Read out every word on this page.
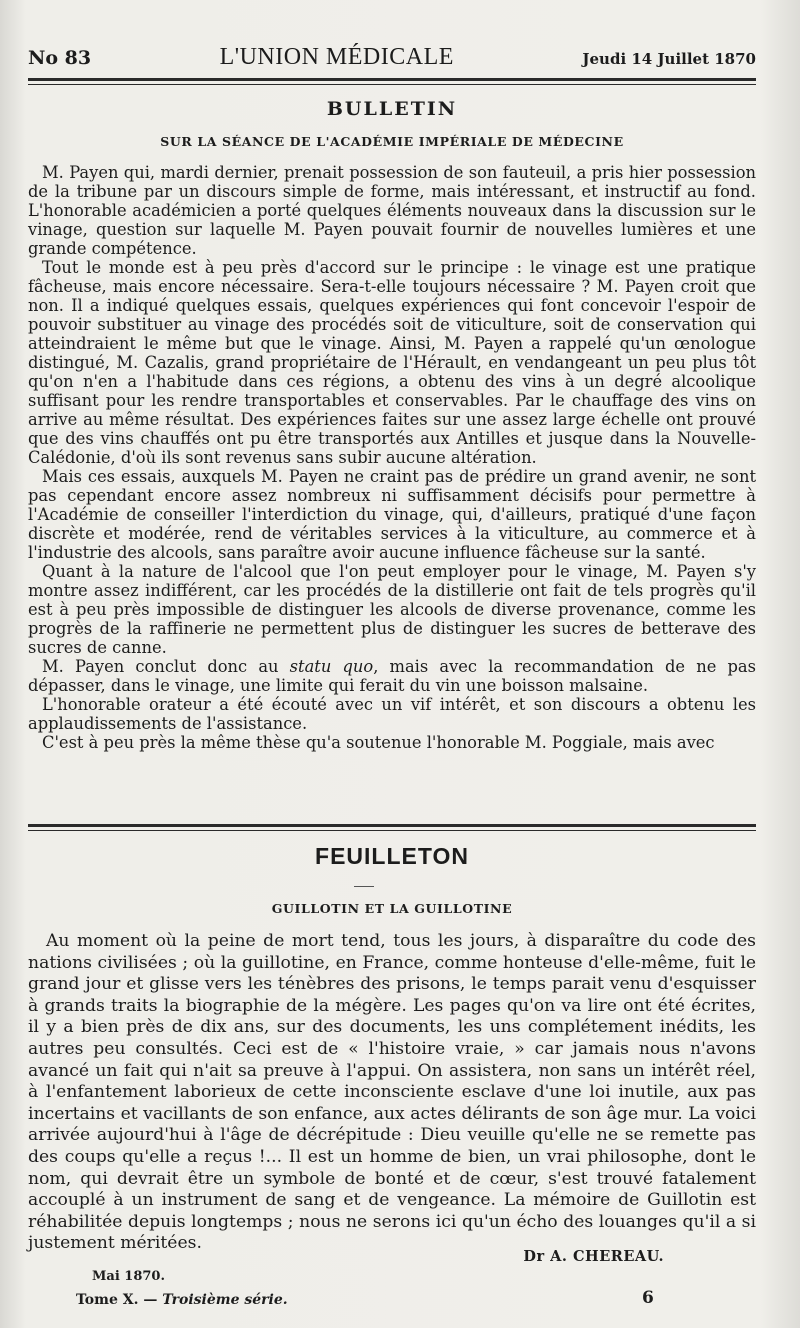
No 83	L'UNION MÉDICALE	Jeudi 14 Juillet 1870
BULLETIN
SUR LA SÉANCE DE L'ACADÉMIE IMPÉRIALE DE MÉDECINE

M. Payen qui, mardi dernier, prenait possession de son fauteuil, a pris hier possession de la tribune par un discours simple de forme, mais intéressant, et instructif au fond. L'honorable académicien a porté quelques éléments nouveaux dans la discussion sur le vinage, question sur laquelle M. Payen pouvait fournir de nouvelles lumières et une grande compétence.

Tout le monde est à peu près d'accord sur le principe : le vinage est une pratique fâcheuse, mais encore nécessaire. Sera-t-elle toujours nécessaire ? M. Payen croit que non. Il a indiqué quelques essais, quelques expériences qui font concevoir l'espoir de pouvoir substituer au vinage des procédés soit de viticulture, soit de conservation qui atteindraient le même but que le vinage. Ainsi, M. Payen a rappelé qu'un œnologue distingué, M. Cazalis, grand propriétaire de l'Hérault, en vendangeant un peu plus tôt qu'on n'en a l'habitude dans ces régions, a obtenu des vins à un degré alcoolique suffisant pour les rendre transportables et conservables. Par le chauffage des vins on arrive au même résultat. Des expériences faites sur une assez large échelle ont prouvé que des vins chauffés ont pu être transportés aux Antilles et jusque dans la Nouvelle-Calédonie, d'où ils sont revenus sans subir aucune altération.

Mais ces essais, auxquels M. Payen ne craint pas de prédire un grand avenir, ne sont pas cependant encore assez nombreux ni suffisamment décisifs pour permettre à l'Académie de conseiller l'interdiction du vinage, qui, d'ailleurs, pratiqué d'une façon discrète et modérée, rend de véritables services à la viticulture, au commerce et à l'industrie des alcools, sans paraître avoir aucune influence fâcheuse sur la santé.

Quant à la nature de l'alcool que l'on peut employer pour le vinage, M. Payen s'y montre assez indifférent, car les procédés de la distillerie ont fait de tels progrès qu'il est à peu près impossible de distinguer les alcools de diverse provenance, comme les progrès de la raffinerie ne permettent plus de distinguer les sucres de betterave des sucres de canne.

M. Payen conclut donc au statu quo, mais avec la recommandation de ne pas dépasser, dans le vinage, une limite qui ferait du vin une boisson malsaine.

L'honorable orateur a été écouté avec un vif intérêt, et son discours a obtenu les applaudissements de l'assistance.

C'est à peu près la même thèse qu'a soutenue l'honorable M. Poggiale, mais avec

FEUILLETON
GUILLOTIN ET LA GUILLOTINE

Au moment où la peine de mort tend, tous les jours, à disparaître du code des nations civilisées ; où la guillotine, en France, comme honteuse d'elle-même, fuit le grand jour et glisse vers les ténèbres des prisons, le temps parait venu d'esquisser à grands traits la biographie de la mégère. Les pages qu'on va lire ont été écrites, il y a bien près de dix ans, sur des documents, les uns complétement inédits, les autres peu consultés. Ceci est de « l'histoire vraie, » car jamais nous n'avons avancé un fait qui n'ait sa preuve à l'appui. On assistera, non sans un intérêt réel, à l'enfantement laborieux de cette inconsciente esclave d'une loi inutile, aux pas incertains et vacillants de son enfance, aux actes délirants de son âge mur. La voici arrivée aujourd'hui à l'âge de décrépitude : Dieu veuille qu'elle ne se remette pas des coups qu'elle a reçus !... Il est un homme de bien, un vrai philosophe, dont le nom, qui devrait être un symbole de bonté et de cœur, s'est trouvé fatalement accouplé à un instrument de sang et de vengeance. La mémoire de Guillotin est réhabilitée depuis longtemps ; nous ne serons ici qu'un écho des louanges qu'il a si justement méritées.

Dr A. CHEREAU.
Mai 1870.
Tome X. — Troisième série.	6
